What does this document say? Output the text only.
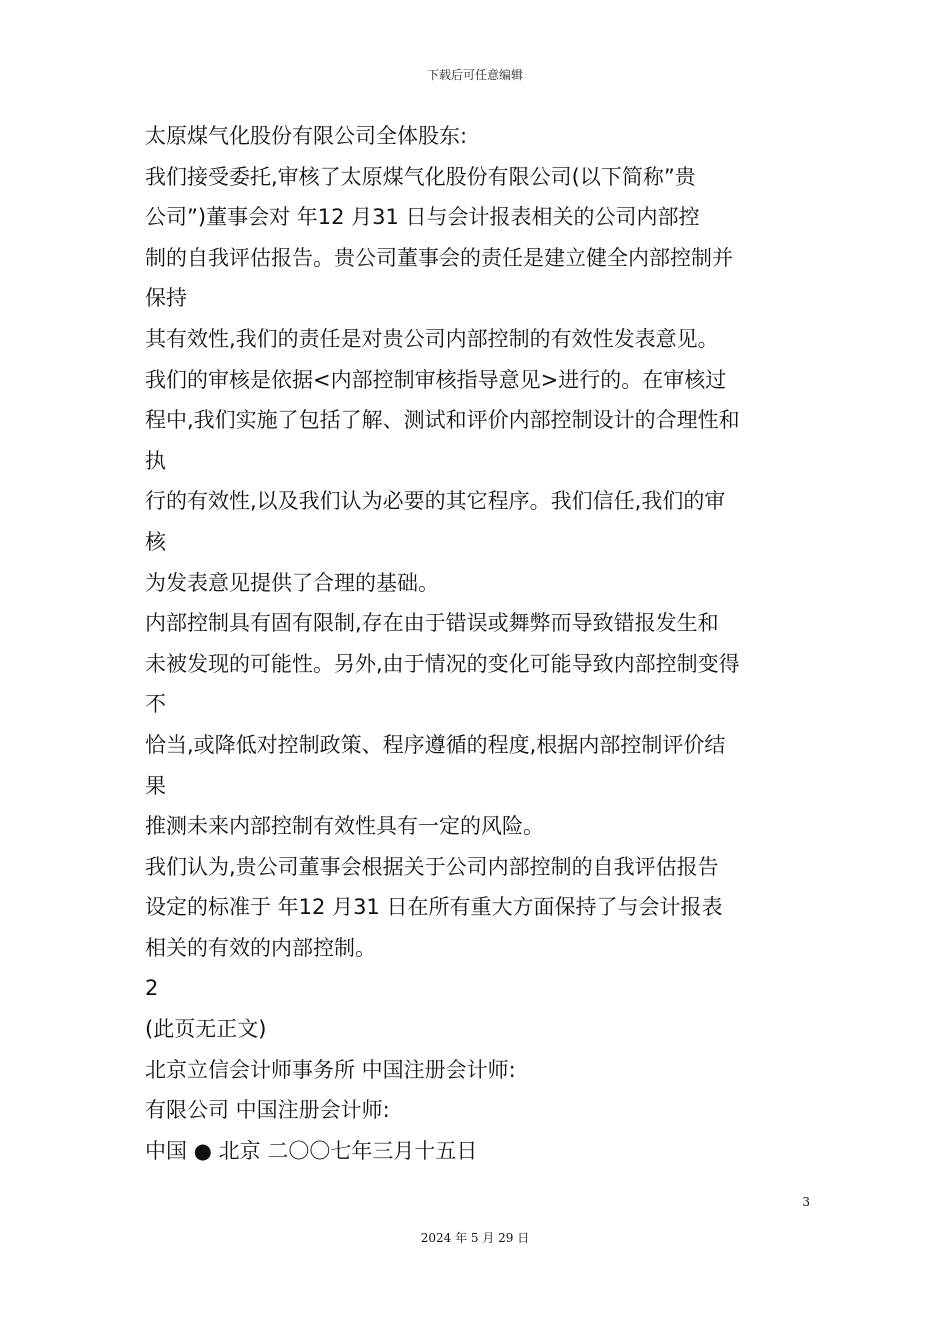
下载后可任意编辑
太原煤气化股份有限公司全体股东:
我们接受委托,审核了太原煤气化股份有限公司(以下简称”贵
公司”)董事会对 年12 月31 日与会计报表相关的公司内部控
制的自我评估报告。贵公司董事会的责任是建立健全内部控制并
保持
其有效性,我们的责任是对贵公司内部控制的有效性发表意见。
我们的审核是依据<内部控制审核指导意见>进行的。在审核过
程中,我们实施了包括了解、测试和评价内部控制设计的合理性和
执
行的有效性,以及我们认为必要的其它程序。我们信任,我们的审
核
为发表意见提供了合理的基础。
内部控制具有固有限制,存在由于错误或舞弊而导致错报发生和
未被发现的可能性。另外,由于情况的变化可能导致内部控制变得
不
恰当,或降低对控制政策、程序遵循的程度,根据内部控制评价结
果
推测未来内部控制有效性具有一定的风险。
我们认为,贵公司董事会根据关于公司内部控制的自我评估报告
设定的标准于 年12 月31 日在所有重大方面保持了与会计报表
相关的有效的内部控制。
2
(此页无正文)
北京立信会计师事务所 中国注册会计师:
有限公司 中国注册会计师:
中国 ● 北京 二〇〇七年三月十五日
3
2024 年 5 月 29 日
